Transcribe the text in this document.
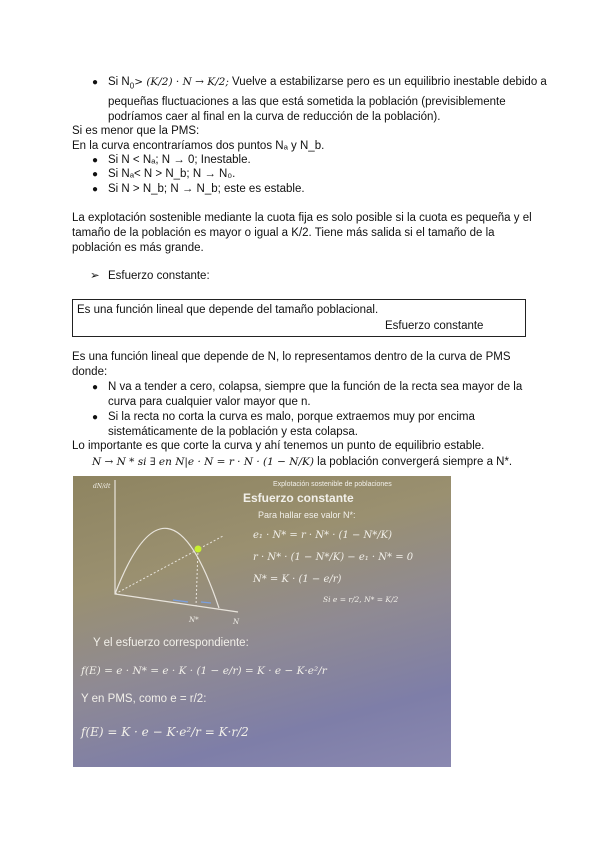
● Si $N_0> (K/2) \cdot N \to K/2$; Vuelve a estabilizarse pero es un equilibrio inestable debido a
pequeñas fluctuaciones a las que está sometida la población (previsiblemente
podríamos caer al final en la curva de reducción de la población).
Si es menor que la PMS:
En la curva encontraríamos dos puntos Nₐ y N_b.
● Si N < Nₐ; N → 0; Inestable.
● Si Nₐ< N > N_b; N → N₀.
● Si N > N_b; N → N_b; este es estable.
La explotación sostenible mediante la cuota fija es solo posible si la cuota es pequeña y el
tamaño de la población es mayor o igual a K/2. Tiene más salida si el tamaño de la
población es más grande.
➢ Esfuerzo constante:
Es una función lineal que depende del tamaño poblacional.
Esfuerzo constante
Es una función lineal que depende de N, lo representamos dentro de la curva de PMS
donde:
● N va a tender a cero, colapsa, siempre que la función de la recta sea mayor de la
curva para cualquier valor mayor que n.
● Si la recta no corta la curva es malo, porque extraemos muy por encima
sistemáticamente de la población y esta colapsa.
Lo importante es que corte la curva y ahí tenemos un punto de equilibrio estable.
N → N * si ∃ en N|e · N = r · N · (1 − N/K) la población convergerá siempre a N*.
Explotación sostenible de poblaciones
Esfuerzo constante
Para hallar ese valor N*:
e₁ · N* = r · N* · (1 − N*/K)
r · N* · (1 − N*/K) − e₁ · N* = 0
N* = K · (1 − e/r)
Si e = r/2, N* = K/2
Y el esfuerzo correspondiente:
f(E) = e · N* = e · K · (1 − e/r) = K · e − K·e²/r
Y en PMS, como e = r/2:
f(E) = K · e − K·e²/r = K·r/2
dN/dt
N*	N
